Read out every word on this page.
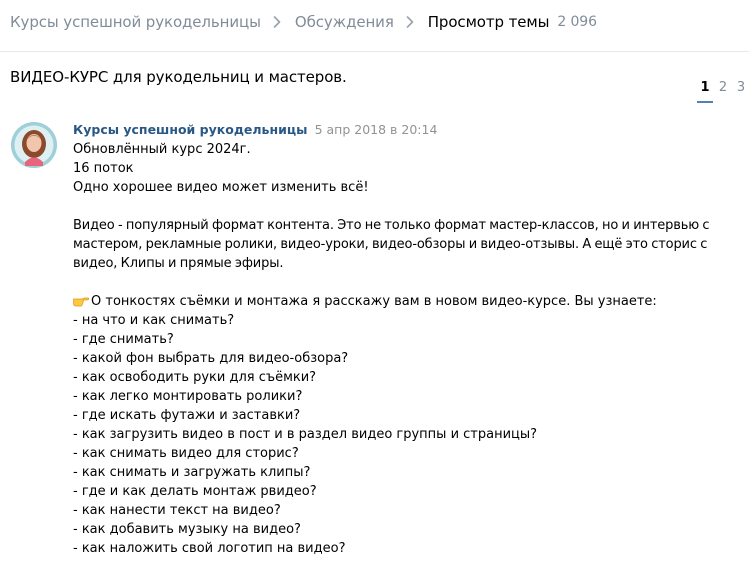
Курсы успешной рукодельницы Обсуждения Просмотр темы 2 096
ВИДЕО-КУРС для рукодельниц и мастеров.
1 2 3
Курсы успешной рукодельницы 5 апр 2018 в 20:14
Обновлённый курс 2024г.
16 поток
Одно хорошее видео может изменить всё!
Видео - популярный формат контента. Это не только формат мастер-классов, но и интервью с мастером, рекламные ролики, видео-уроки, видео-обзоры и видео-отзывы. А ещё это сторис с видео, Клипы и прямые эфиры.
О тонкостях съёмки и монтажа я расскажу вам в новом видео-курсе. Вы узнаете:
- на что и как снимать?
- где снимать?
- какой фон выбрать для видео-обзора?
- как освободить руки для съёмки?
- как легко монтировать ролики?
- где искать футажи и заставки?
- как загрузить видео в пост и в раздел видео группы и страницы?
- как снимать видео для сторис?
- как снимать и загружать клипы?
- где и как делать монтаж рвидео?
- как нанести текст на видео?
- как добавить музыку на видео?
- как наложить свой логотип на видео?
